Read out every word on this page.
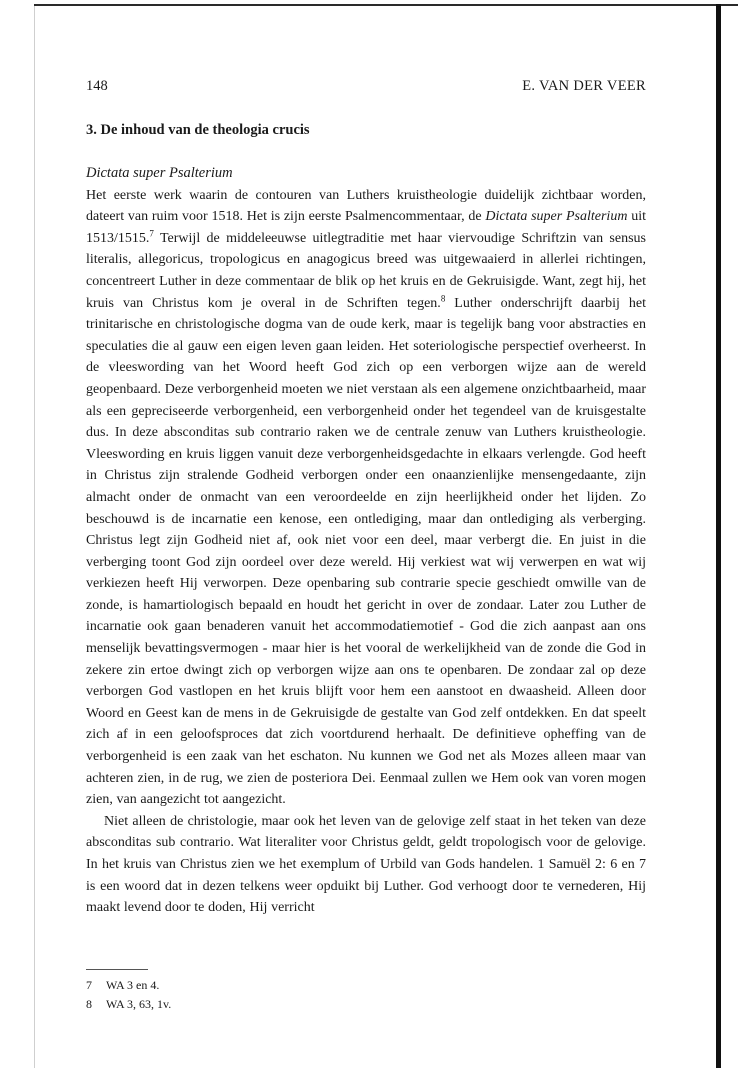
148	E. VAN DER VEER
3. De inhoud van de theologia crucis
Dictata super Psalterium

Het eerste werk waarin de contouren van Luthers kruistheologie duidelijk zichtbaar worden, dateert van ruim voor 1518. Het is zijn eerste Psalmencommentaar, de Dictata super Psalterium uit 1513/1515.$^7$ Terwijl de middeleeuwse uitlegtraditie met haar viervoudige Schriftzin van sensus literalis, allegoricus, tropologicus en anagogicus breed was uitgewaaierd in allerlei richtingen, concentreert Luther in deze commentaar de blik op het kruis en de Gekruisigde. Want, zegt hij, het kruis van Christus kom je overal in de Schriften tegen.$^8$ Luther onderschrijft daarbij het trinitarische en christologische dogma van de oude kerk, maar is tegelijk bang voor abstracties en speculaties die al gauw een eigen leven gaan leiden. Het soteriologische perspectief overheerst. In de vleeswording van het Woord heeft God zich op een verborgen wijze aan de wereld geopenbaard. Deze verborgenheid moeten we niet verstaan als een algemene onzichtbaarheid, maar als een gepreciseerde verborgenheid, een verborgenheid onder het tegendeel van de kruisgestalte dus. In deze absconditas sub contrario raken we de centrale zenuw van Luthers kruistheologie. Vleeswording en kruis liggen vanuit deze verborgenheidsgedachte in elkaars verlengde. God heeft in Christus zijn stralende Godheid verborgen onder een onaanzienlijke mensengedaante, zijn almacht onder de onmacht van een veroordeelde en zijn heerlijkheid onder het lijden. Zo beschouwd is de incarnatie een kenose, een ontlediging, maar dan ontlediging als verberging. Christus legt zijn Godheid niet af, ook niet voor een deel, maar verbergt die. En juist in die verberging toont God zijn oordeel over deze wereld. Hij verkiest wat wij verwerpen en wat wij verkiezen heeft Hij verworpen. Deze openbaring sub contrarie specie geschiedt omwille van de zonde, is hamartiologisch bepaald en houdt het gericht in over de zondaar. Later zou Luther de incarnatie ook gaan benaderen vanuit het accommodatiemotief - God die zich aanpast aan ons menselijk bevattingsvermogen - maar hier is het vooral de werkelijkheid van de zonde die God in zekere zin ertoe dwingt zich op verborgen wijze aan ons te openbaren. De zondaar zal op deze verborgen God vastlopen en het kruis blijft voor hem een aanstoot en dwaasheid. Alleen door Woord en Geest kan de mens in de Gekruisigde de gestalte van God zelf ontdekken. En dat speelt zich af in een geloofsproces dat zich voortdurend herhaalt. De definitieve opheffing van de verborgenheid is een zaak van het eschaton. Nu kunnen we God net als Mozes alleen maar van achteren zien, in de rug, we zien de posteriora Dei. Eenmaal zullen we Hem ook van voren mogen zien, van aangezicht tot aangezicht.

Niet alleen de christologie, maar ook het leven van de gelovige zelf staat in het teken van deze absconditas sub contrario. Wat literaliter voor Christus geldt, geldt tropologisch voor de gelovige. In het kruis van Christus zien we het exemplum of Urbild van Gods handelen. 1 Samuël 2: 6 en 7 is een woord dat in dezen telkens weer opduikt bij Luther. God verhoogt door te vernederen, Hij maakt levend door te doden, Hij verricht

7	WA 3 en 4.
8	WA 3, 63, 1v.
